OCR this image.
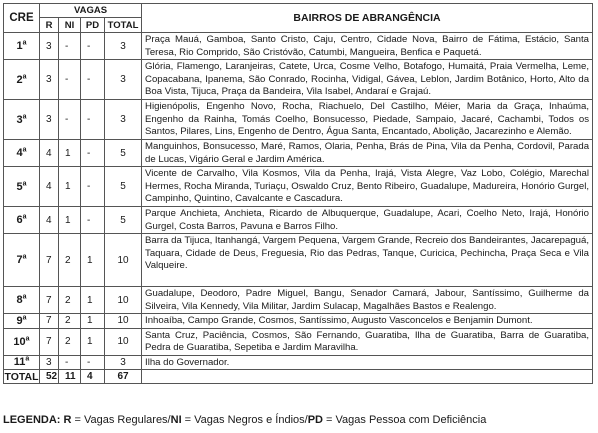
CRE	VAGAS				BAIRROS DE ABRANGÊNCIA
	R	NI	PD	TOTAL	
1$^a$	3	-	-	3	Praça Mauá, Gamboa, Santo Cristo, Caju, Centro, Cidade Nova, Bairro de Fátima, Estácio, Santa Teresa, Rio Comprido, São Cristóvão, Catumbi, Mangueira, Benfica e Paquetá.
2$^a$	3	-	-	3	Glória, Flamengo, Laranjeiras, Catete, Urca, Cosme Velho, Botafogo, Humaitá, Praia Vermelha, Leme, Copacabana, Ipanema, São Conrado, Rocinha, Vidigal, Gávea, Leblon, Jardim Botânico, Horto, Alto da Boa Vista, Tijuca, Praça da Bandeira, Vila Isabel, Andaraí e Grajaú.
3$^a$	3	-	-	3	Higienópolis, Engenho Novo, Rocha, Riachuelo, Del Castilho, Méier, Maria da Graça, Inhaúma, Engenho da Rainha, Tomás Coelho, Bonsucesso, Piedade, Sampaio, Jacaré, Cachambi, Todos os Santos, Pilares, Lins, Engenho de Dentro, Água Santa, Encantado, Abolição, Jacarezinho e Alemão.
4$^a$	4	1	-	5	Manguinhos, Bonsucesso, Maré, Ramos, Olaria, Penha, Brás de Pina, Vila da Penha, Cordovil, Parada de Lucas, Vigário Geral e Jardim América.
5$^a$	4	1	-	5	Vicente de Carvalho, Vila Kosmos, Vila da Penha, Irajá, Vista Alegre, Vaz Lobo, Colégio, Marechal Hermes, Rocha Miranda, Turiaçu, Oswaldo Cruz, Bento Ribeiro, Guadalupe, Madureira, Honório Gurgel, Campinho, Quintino, Cavalcante e Cascadura.
6$^a$	4	1	-	5	Parque Anchieta, Anchieta, Ricardo de Albuquerque, Guadalupe, Acari, Coelho Neto, Irajá, Honório Gurgel, Costa Barros, Pavuna e Barros Filho.
7$^a$	7	2	1	10	Barra da Tijuca, Itanhangá, Vargem Pequena, Vargem Grande, Recreio dos Bandeirantes, Jacarepaguá, Taquara, Cidade de Deus, Freguesia, Rio das Pedras, Tanque, Curicica, Pechincha, Praça Seca e Vila Valqueire.
8$^a$	7	2	1	10	Guadalupe, Deodoro, Padre Miguel, Bangu, Senador Camará, Jabour, Santíssimo, Guilherme da Silveira, Vila Kennedy, Vila Militar, Jardim Sulacap, Magalhães Bastos e Realengo.
9$^a$	7	2	1	10	Inhoaíba, Campo Grande, Cosmos, Santíssimo, Augusto Vasconcelos e Benjamin Dumont.
10$^a$	7	2	1	10	Santa Cruz, Paciência, Cosmos, São Fernando, Guaratiba, Ilha de Guaratiba, Barra de Guaratiba, Pedra de Guaratiba, Sepetiba e Jardim Maravilha.
11$^a$	3	-	-	3	Ilha do Governador.
TOTAL	52	11	4	67	
LEGENDA: R = Vagas Regulares/NI = Vagas Negros e Índios/PD = Vagas Pessoa com Deficiência
